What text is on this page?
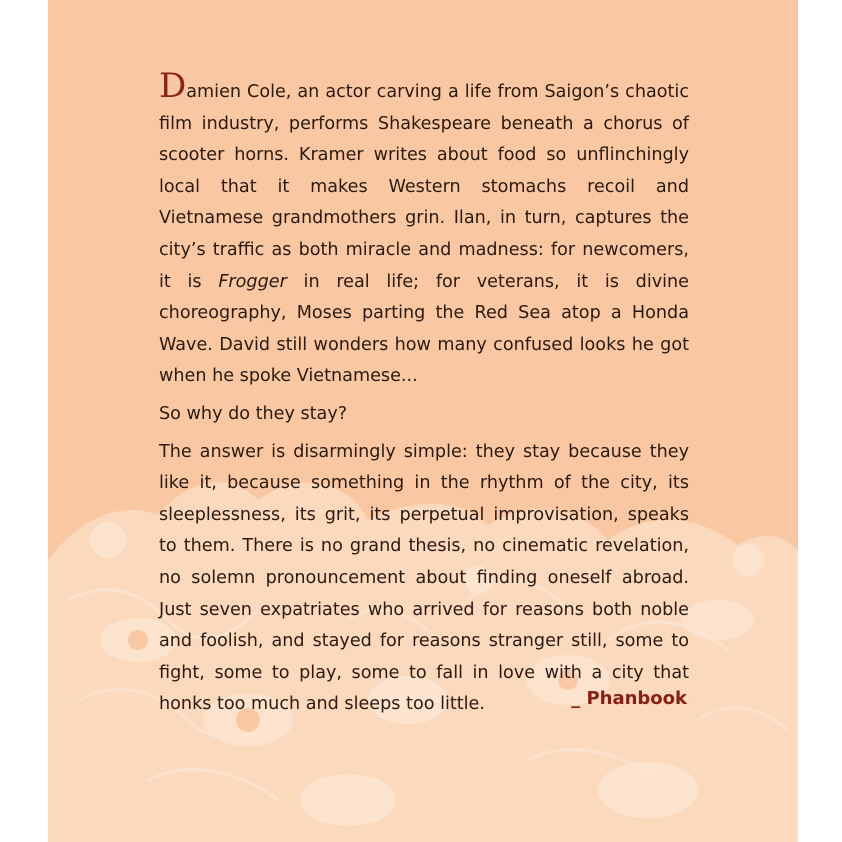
Damien Cole, an actor carving a life from Saigon’s chaotic film industry, performs Shakespeare beneath a chorus of scooter horns. Kramer writes about food so unflinchingly local that it makes Western stomachs recoil and Vietnamese grandmothers grin. Ilan, in turn, captures the city’s traffic as both miracle and madness: for newcomers, it is Frogger in real life; for veterans, it is divine choreography, Moses parting the Red Sea atop a Honda Wave. David still wonders how many confused looks he got when he spoke Vietnamese...

So why do they stay?

The answer is disarmingly simple: they stay because they like it, because something in the rhythm of the city, its sleeplessness, its grit, its perpetual improvisation, speaks to them. There is no grand thesis, no cinematic revelation, no solemn pronouncement about finding oneself abroad. Just seven expatriates who arrived for reasons both noble and foolish, and stayed for reasons stranger still, some to fight, some to play, some to fall in love with a city that honks too much and sleeps too little.	_ Phanbook
